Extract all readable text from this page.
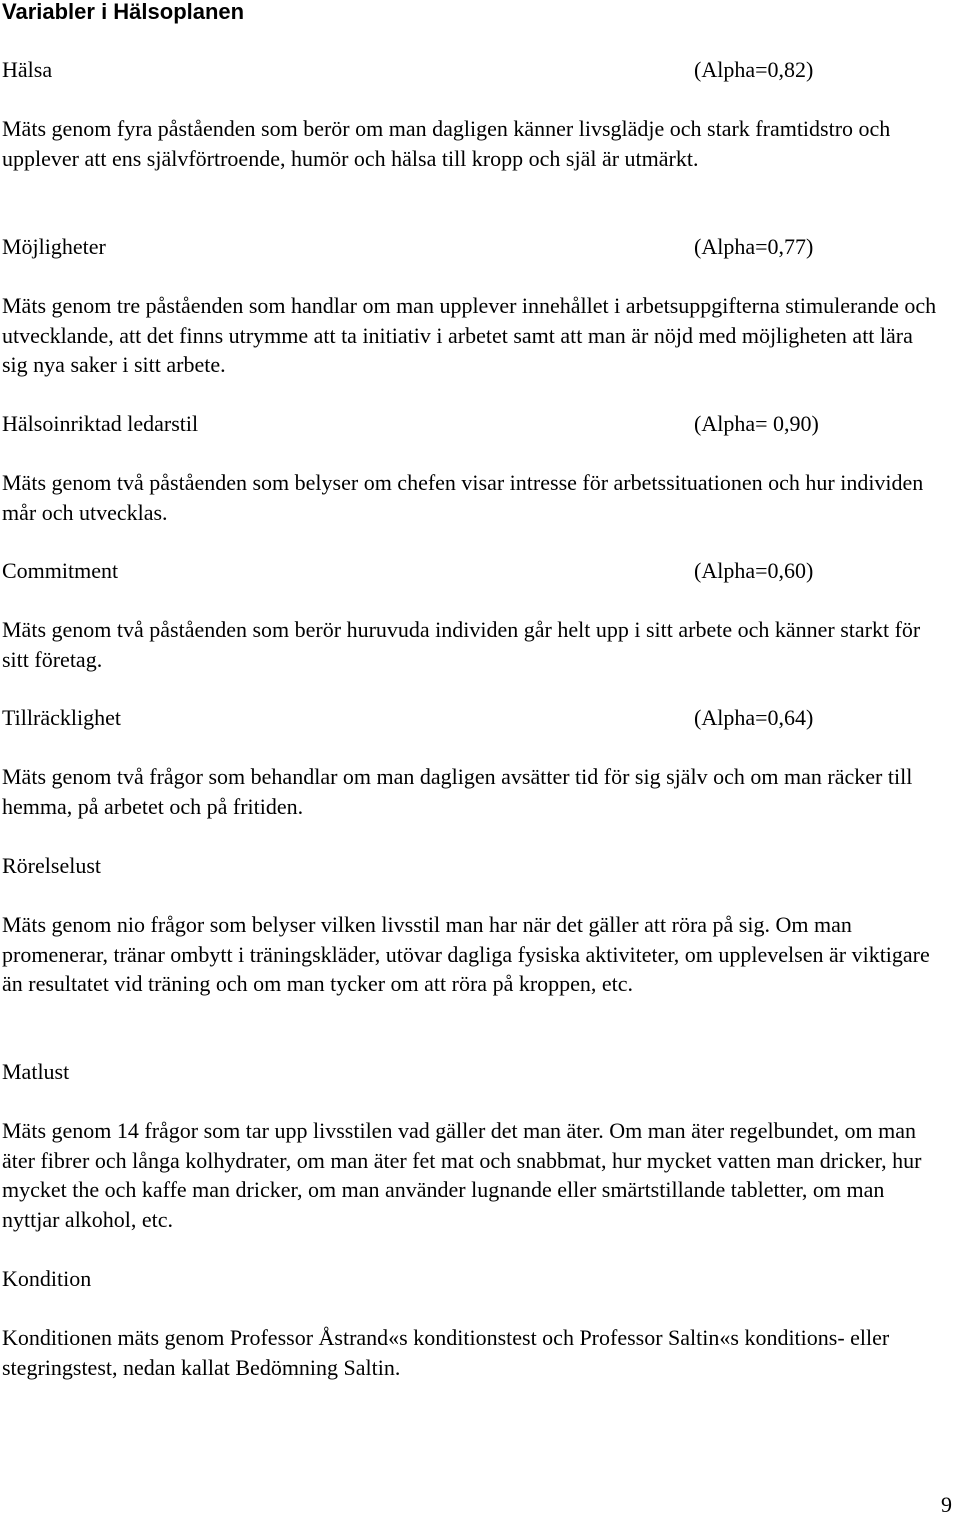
Variabler i Hälsoplanen
Hälsa	(Alpha=0,82)

Mäts genom fyra påståenden som berör om man dagligen känner livsglädje och stark framtidstro och upplever att ens självförtroende, humör och hälsa till kropp och själ är utmärkt.

Möjligheter	(Alpha=0,77)

Mäts genom tre påståenden som handlar om man upplever innehållet i arbetsuppgifterna stimulerande och utvecklande, att det finns utrymme att ta initiativ i arbetet samt att man är nöjd med möjligheten att lära sig nya saker i sitt arbete.

Hälsoinriktad ledarstil	(Alpha= 0,90)

Mäts genom två påståenden som belyser om chefen visar intresse för arbetssituationen och hur individen mår och utvecklas.

Commitment	(Alpha=0,60)

Mäts genom två påståenden som berör huruvuda individen går helt upp i sitt arbete och känner starkt för sitt företag.

Tillräcklighet	(Alpha=0,64)

Mäts genom två frågor som behandlar om man dagligen avsätter tid för sig själv och om man räcker till hemma, på arbetet och på fritiden.

Rörelselust

Mäts genom nio frågor som belyser vilken livsstil man har när det gäller att röra på sig. Om man promenerar, tränar ombytt i träningskläder, utövar dagliga fysiska aktiviteter, om upplevelsen är viktigare än resultatet vid träning och om man tycker om att röra på kroppen, etc.

Matlust

Mäts genom 14 frågor som tar upp livsstilen vad gäller det man äter. Om man äter regelbundet, om man äter fibrer och långa kolhydrater, om man äter fet mat och snabbmat, hur mycket vatten man dricker, hur mycket the och kaffe man dricker, om man använder lugnande eller smärtstillande tabletter, om man nyttjar alkohol, etc.

Kondition

Konditionen mäts genom Professor Åstrand«s konditionstest och Professor Saltin«s konditions- eller stegringstest, nedan kallat Bedömning Saltin.

9
